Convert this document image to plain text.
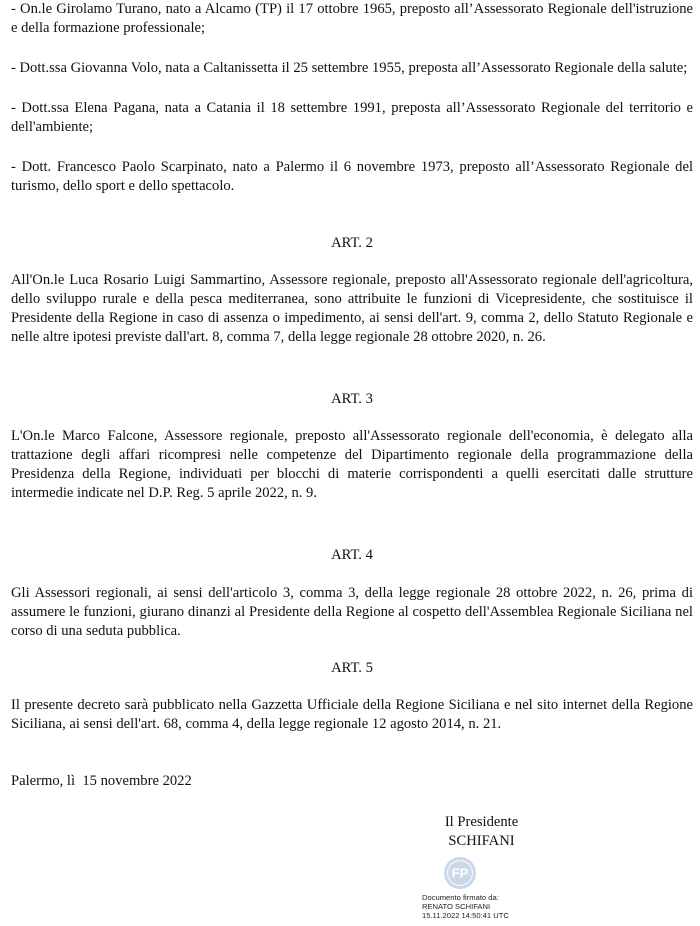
- On.le Girolamo Turano, nato a Alcamo (TP) il 17 ottobre 1965, preposto all’Assessorato Regionale dell'istruzione e della formazione professionale;

- Dott.ssa Giovanna Volo, nata a Caltanissetta il 25 settembre 1955, preposta all’Assessorato Regionale della salute;

- Dott.ssa Elena Pagana, nata a Catania il 18 settembre 1991, preposta all’Assessorato Regionale del territorio e dell'ambiente;

- Dott. Francesco Paolo Scarpinato, nato a Palermo il 6 novembre 1973, preposto all’Assessorato Regionale del turismo, dello sport e dello spettacolo.

ART. 2

All'On.le Luca Rosario Luigi Sammartino, Assessore regionale, preposto all'Assessorato regionale dell'agricoltura, dello sviluppo rurale e della pesca mediterranea, sono attribuite le funzioni di Vicepresidente, che sostituisce il Presidente della Regione in caso di assenza o impedimento, ai sensi dell'art. 9, comma 2, dello Statuto Regionale e nelle altre ipotesi previste dall'art. 8, comma 7, della legge regionale 28 ottobre 2020, n. 26.

ART. 3

L'On.le Marco Falcone, Assessore regionale, preposto all'Assessorato regionale dell'economia, è delegato alla trattazione degli affari ricompresi nelle competenze del Dipartimento regionale della programmazione della Presidenza della Regione, individuati per blocchi di materie corrispondenti a quelli esercitati dalle strutture intermedie indicate nel D.P. Reg. 5 aprile 2022, n. 9.

ART. 4

Gli Assessori regionali, ai sensi dell'articolo 3, comma 3, della legge regionale 28 ottobre 2022, n. 26, prima di assumere le funzioni, giurano dinanzi al Presidente della Regione al cospetto dell'Assemblea Regionale Siciliana nel corso di una seduta pubblica.

ART. 5

Il presente decreto sarà pubblicato nella Gazzetta Ufficiale della Regione Siciliana e nel sito internet della Regione Siciliana, ai sensi dell'art. 68, comma 4, della legge regionale 12 agosto 2014, n. 21.

Palermo, lì  15 novembre 2022

Il Presidente
SCHIFANI
FP
Documento firmato da:
RENATO SCHIFANI
15.11.2022 14:50:41 UTC
